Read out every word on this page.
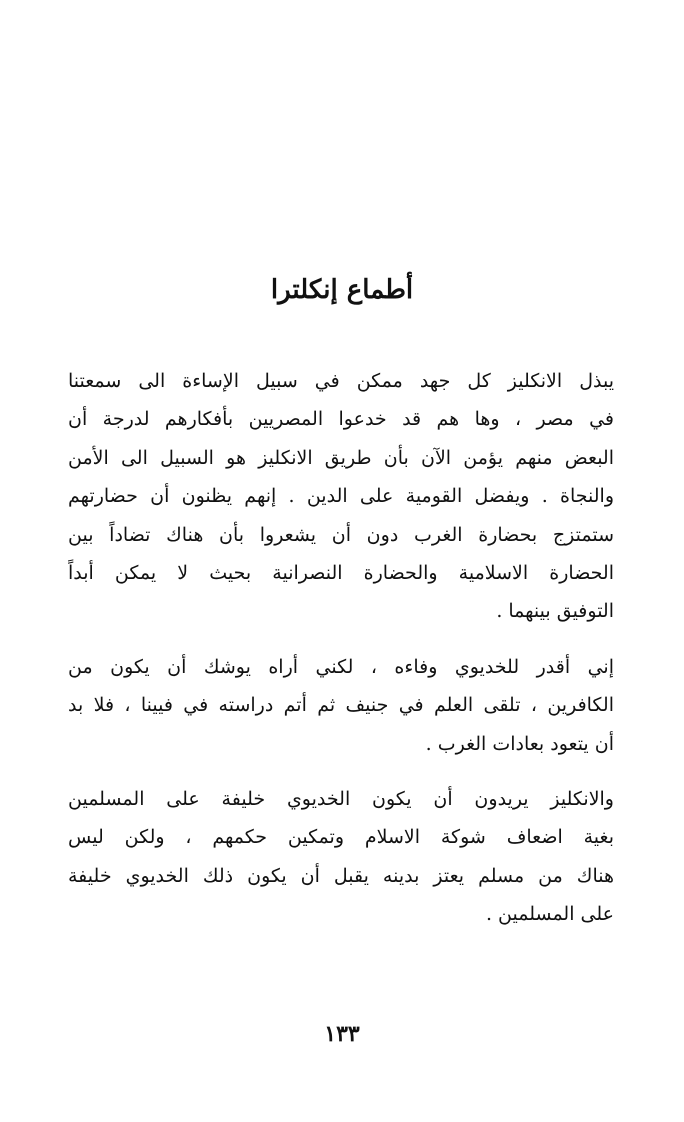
أطماع إنكلترا

يبذل الانكليز كل جهد ممكن في سبيل الإساءة الى سمعتنا
في مصر ، وها هم قد خدعوا المصريين بأفكارهم لدرجة أن
البعض منهم يؤمن الآن بأن طريق الانكليز هو السبيل الى الأمن
والنجاة . ويفضل القومية على الدين . إنهم يظنون أن حضارتهم
ستمتزج بحضارة الغرب دون أن يشعروا بأن هناك تضاداً بين
الحضارة الاسلامية والحضارة النصرانية بحيث لا يمكن أبداً
التوفيق بينهما .

إني أقدر للخديوي وفاءه ، لكني أراه يوشك أن يكون من
الكافرين ، تلقى العلم في جنيف ثم أتم دراسته في فيينا ، فلا بد
أن يتعود بعادات الغرب .

والانكليز يريدون أن يكون الخديوي خليفة على المسلمين
بغية اضعاف شوكة الاسلام وتمكين حكمهم ، ولكن ليس
هناك من مسلم يعتز بدينه يقبل أن يكون ذلك الخديوي خليفة
على المسلمين .

١٣٣
